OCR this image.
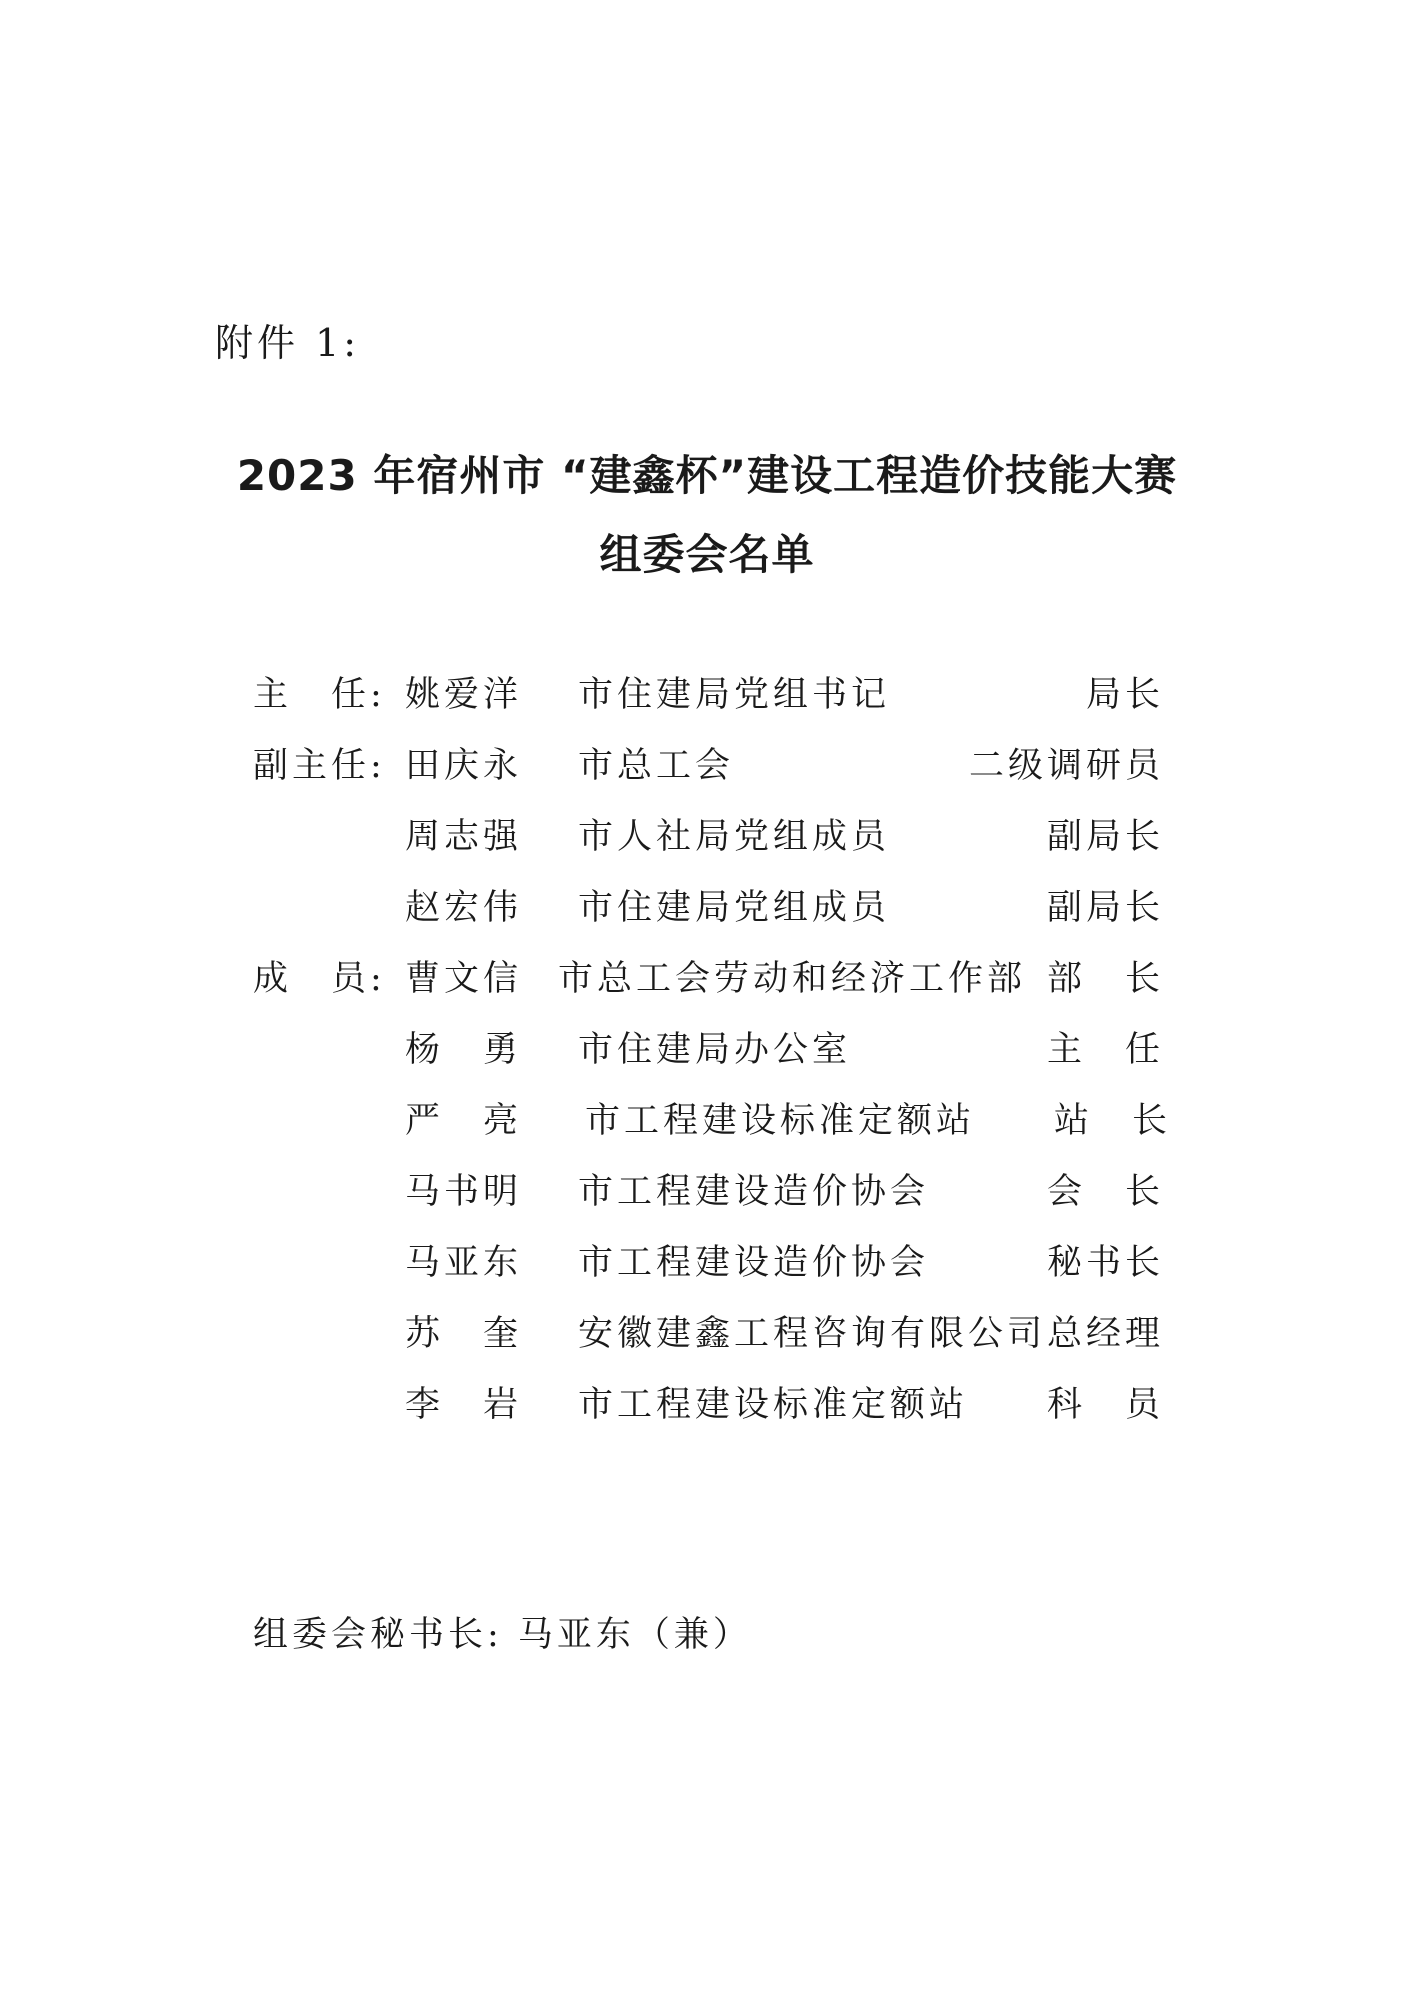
附件 1:
2023 年宿州市 “建鑫杯”建设工程造价技能大赛
组委会名单
主　任: 姚爱洋 市住建局党组书记	局长
副主任: 田庆永 市总工会	二级调研员
周志强 市人社局党组成员	副局长
赵宏伟 市住建局党组成员	副局长
成　员: 曹文信 市总工会劳动和经济工作部 部　长
杨　勇 市住建局办公室	主　任
严　亮 市工程建设标准定额站 站　长
马书明 市工程建设造价协会	会　长
马亚东 市工程建设造价协会	秘书长
苏　奎 安徽建鑫工程咨询有限公司 总经理
李　岩 市工程建设标准定额站 科　员
组委会秘书长: 马亚东（兼）
